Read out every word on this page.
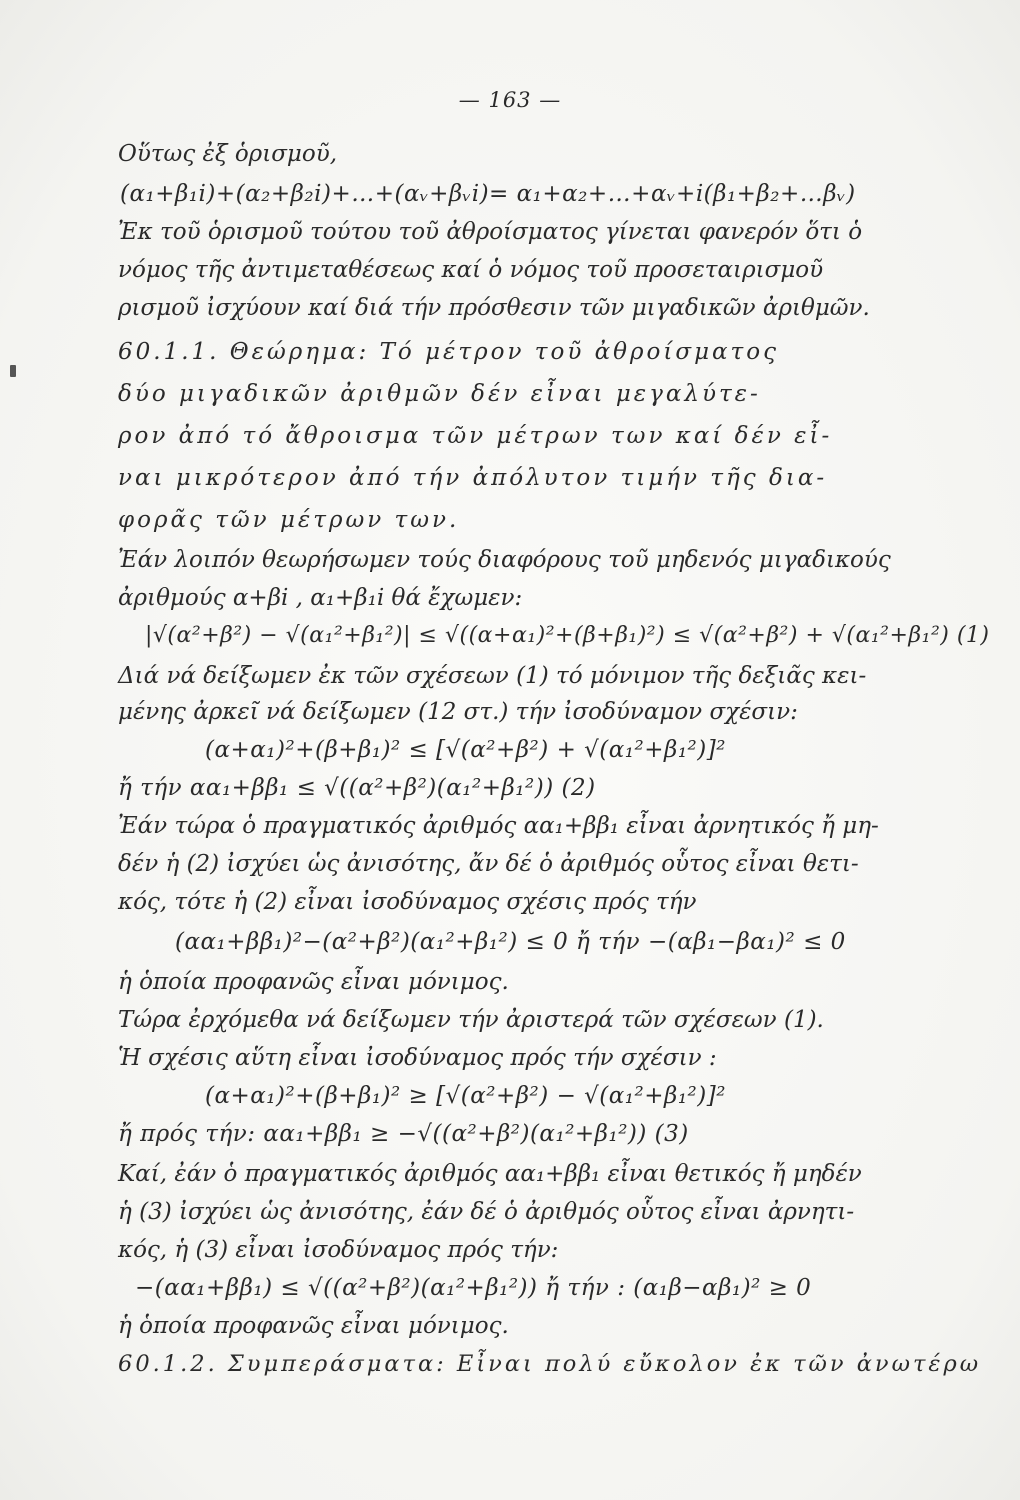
— 163 —
Οὕτως ἐξ ὁρισμοῦ,
(α₁+β₁i)+(α₂+β₂i)+…+(αᵥ+βᵥi)= α₁+α₂+…+αᵥ+i(β₁+β₂+…βᵥ)
Ἐκ τοῦ ὁρισμοῦ τούτου τοῦ ἀθροίσματος γίνεται φανερόν ὅτι ὁ
νόμος τῆς ἀντιμεταθέσεως καί ὁ νόμος τοῦ προσεταιρισμοῦ
ρισμοῦ ἰσχύουν καί διά τήν πρόσθεσιν τῶν μιγαδικῶν ἀριθμῶν.
60.1.1. Θεώρημα: Τό μέτρον τοῦ ἀθροίσματος
δύο μιγαδικῶν ἀριθμῶν δέν εἶναι μεγαλύτε-
ρον ἀπό τό ἄθροισμα τῶν μέτρων των καί δέν εἶ-
ναι μικρότερον ἀπό τήν ἀπόλυτον τιμήν τῆς δια-
φορᾶς τῶν μέτρων των.
Ἐάν λοιπόν θεωρήσωμεν τούς διαφόρους τοῦ μηδενός μιγαδικούς
ἀριθμούς α+βi , α₁+β₁i θά ἔχωμεν:
|√(α²+β²) − √(α₁²+β₁²)| ≤ √((α+α₁)²+(β+β₁)²) ≤ √(α²+β²) + √(α₁²+β₁²) (1)
Διά νά δείξωμεν ἐκ τῶν σχέσεων (1) τό μόνιμον τῆς δεξιᾶς κει-
μένης ἀρκεῖ νά δείξωμεν (12 στ.) τήν ἰσοδύναμον σχέσιν:
(α+α₁)²+(β+β₁)² ≤ [√(α²+β²) + √(α₁²+β₁²)]²
ἤ τήν αα₁+ββ₁ ≤ √((α²+β²)(α₁²+β₁²)) (2)
Ἐάν τώρα ὁ πραγματικός ἀριθμός αα₁+ββ₁ εἶναι ἀρνητικός ἤ μη-
δέν ἡ (2) ἰσχύει ὡς ἀνισότης, ἄν δέ ὁ ἀριθμός οὗτος εἶναι θετι-
κός, τότε ἡ (2) εἶναι ἰσοδύναμος σχέσις πρός τήν
(αα₁+ββ₁)²−(α²+β²)(α₁²+β₁²) ≤ 0 ἤ τήν −(αβ₁−βα₁)² ≤ 0
ἡ ὁποία προφανῶς εἶναι μόνιμος.
Τώρα ἐρχόμεθα νά δείξωμεν τήν ἀριστερά τῶν σχέσεων (1).
Ἡ σχέσις αὕτη εἶναι ἰσοδύναμος πρός τήν σχέσιν :
(α+α₁)²+(β+β₁)² ≥ [√(α²+β²) − √(α₁²+β₁²)]²
ἤ πρός τήν: αα₁+ββ₁ ≥ −√((α²+β²)(α₁²+β₁²)) (3)
Καί, ἐάν ὁ πραγματικός ἀριθμός αα₁+ββ₁ εἶναι θετικός ἤ μηδέν
ἡ (3) ἰσχύει ὡς ἀνισότης, ἐάν δέ ὁ ἀριθμός οὗτος εἶναι ἀρνητι-
κός, ἡ (3) εἶναι ἰσοδύναμος πρός τήν:
−(αα₁+ββ₁) ≤ √((α²+β²)(α₁²+β₁²)) ἤ τήν : (α₁β−αβ₁)² ≥ 0
ἡ ὁποία προφανῶς εἶναι μόνιμος.
60.1.2. Συμπεράσματα: Εἶναι πολύ εὔκολον ἐκ τῶν ἀνωτέρω
